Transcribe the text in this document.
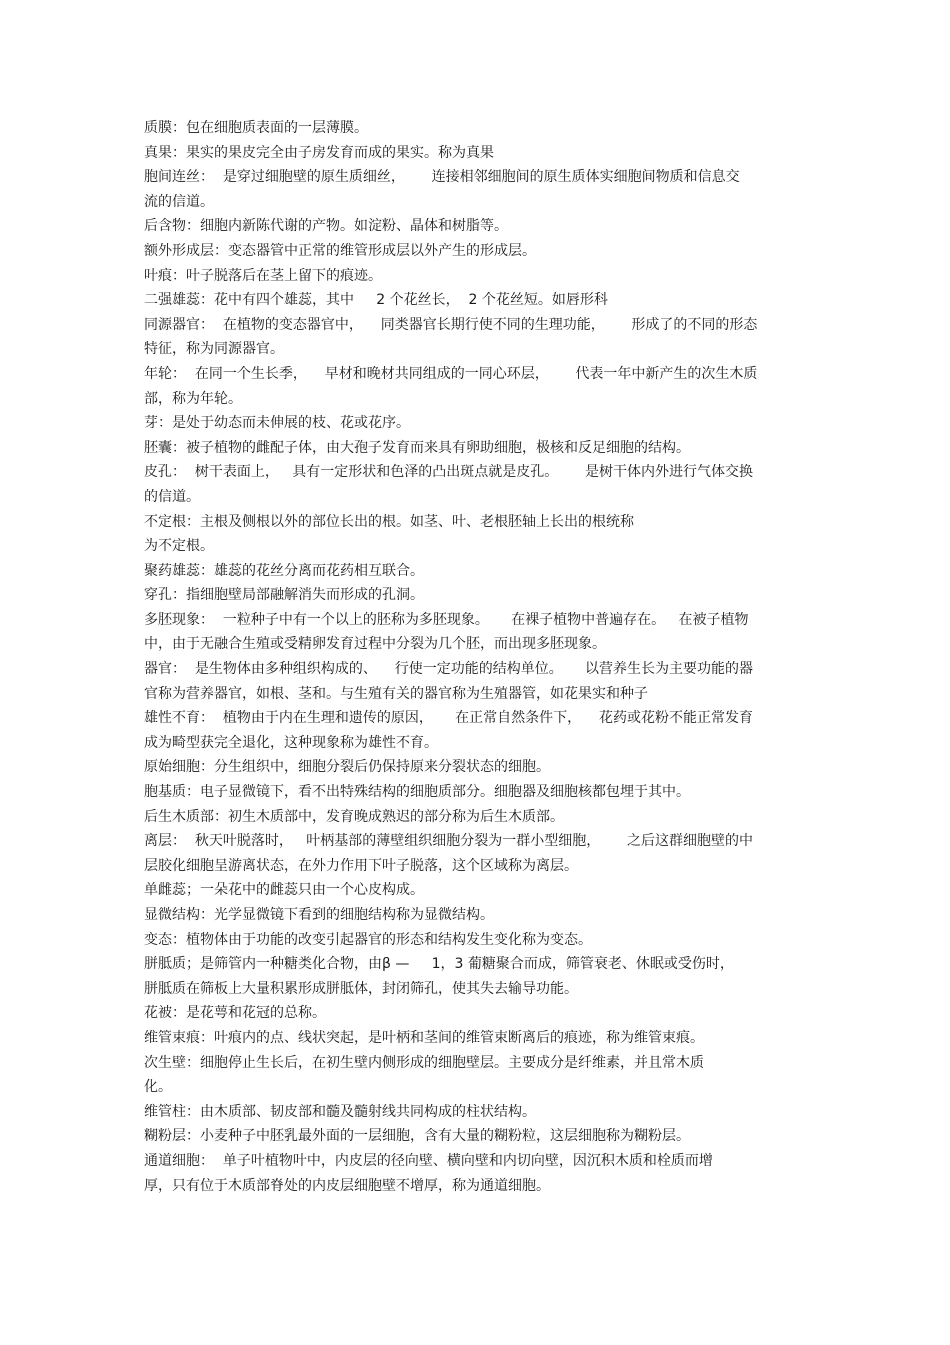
质膜：包在细胞质表面的一层薄膜。
真果：果实的果皮完全由子房发育而成的果实。称为真果
胞间连丝：  是穿过细胞壁的原生质细丝，      连接相邻细胞间的原生质体实细胞间物质和信息交
流的信道。
后含物：细胞内新陈代谢的产物。如淀粉、晶体和树脂等。
额外形成层：变态器管中正常的维管形成层以外产生的形成层。
叶痕：叶子脱落后在茎上留下的痕迹。
二强雄蕊：花中有四个雄蕊，其中     2 个花丝长，  2 个花丝短。如唇形科
同源器官：  在植物的变态器官中，    同类器官长期行使不同的生理功能，      形成了的不同的形态
特征，称为同源器官。
年轮：  在同一个生长季，    早材和晚材共同组成的一同心环层，      代表一年中新产生的次生木质
部，称为年轮。
芽：是处于幼态而未伸展的枝、花或花序。
胚囊：被子植物的雌配子体，由大孢子发育而来具有卵助细胞，极核和反足细胞的结构。
皮孔：  树干表面上，   具有一定形状和色泽的凸出斑点就是皮孔。      是树干体内外进行气体交换
的信道。
不定根：主根及侧根以外的部位长出的根。如茎、叶、老根胚轴上长出的根统称
为不定根。
聚药雄蕊：雄蕊的花丝分离而花药相互联合。
穿孔：指细胞壁局部融解消失而形成的孔洞。
多胚现象：  一粒种子中有一个以上的胚称为多胚现象。     在裸子植物中普遍存在。   在被子植物
中，由于无融合生殖或受精卵发育过程中分裂为几个胚，而出现多胚现象。
器官：  是生物体由多种组织构成的、    行使一定功能的结构单位。     以营养生长为主要功能的器
官称为营养器官，如根、茎和。与生殖有关的器官称为生殖器管，如花果实和种子
雄性不育：  植物由于内在生理和遗传的原因，     在正常自然条件下，    花药或花粉不能正常发育
成为畸型获完全退化，这种现象称为雄性不育。
原始细胞：分生组织中，细胞分裂后仍保持原来分裂状态的细胞。
胞基质：电子显微镜下，看不出特殊结构的细胞质部分。细胞器及细胞核都包埋于其中。
后生木质部：初生木质部中，发育晚成熟迟的部分称为后生木质部。
离层：  秋天叶脱落时，   叶柄基部的薄壁组织细胞分裂为一群小型细胞，      之后这群细胞壁的中
层胶化细胞呈游离状态，在外力作用下叶子脱落，这个区域称为离层。
单雌蕊；一朵花中的雌蕊只由一个心皮构成。
显微结构：光学显微镜下看到的细胞结构称为显微结构。
变态：植物体由于功能的改变引起器官的形态和结构发生变化称为变态。
胼胝质；是筛管内一种糖类化合物，由β —     1，3 葡糖聚合而成，筛管衰老、休眠或受伤时，
胼胝质在筛板上大量积累形成胼胝体，封闭筛孔，使其失去输导功能。
花被：是花萼和花冠的总称。
维管束痕：叶痕内的点、线状突起，是叶柄和茎间的维管束断离后的痕迹，称为维管束痕。
次生壁：细胞停止生长后，在初生壁内侧形成的细胞壁层。主要成分是纤维素，并且常木质
化。
维管柱：由木质部、韧皮部和髓及髓射线共同构成的柱状结构。
糊粉层：小麦种子中胚乳最外面的一层细胞，含有大量的糊粉粒，这层细胞称为糊粉层。
通道细胞：  单子叶植物叶中，内皮层的径向壁、横向壁和内切向壁，因沉积木质和栓质而增
厚，只有位于木质部脊处的内皮层细胞壁不增厚，称为通道细胞。
